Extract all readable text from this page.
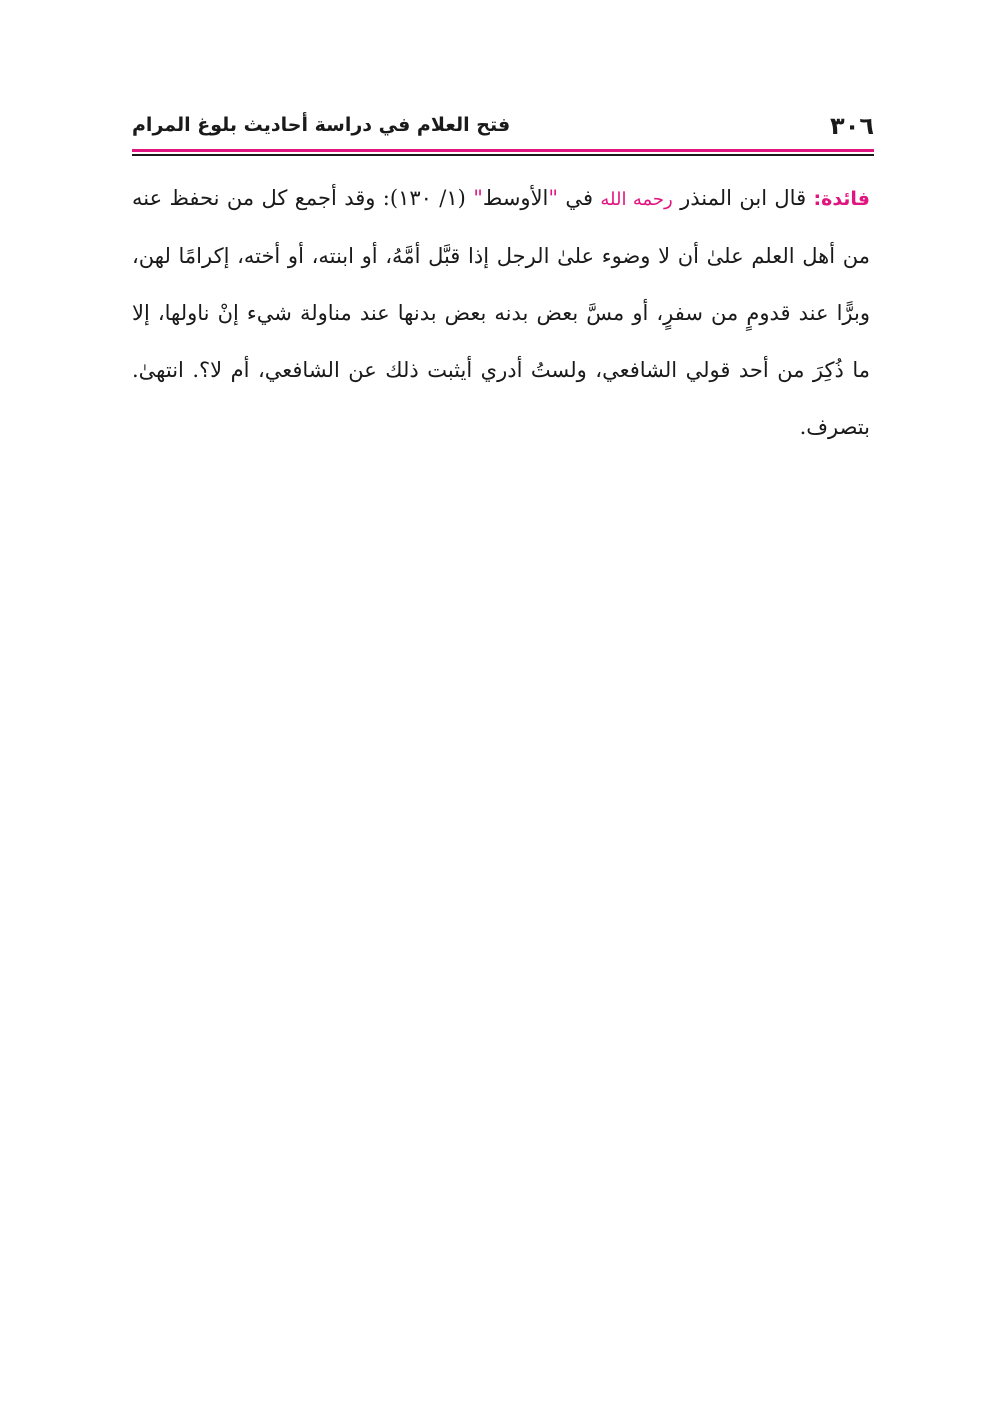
٣٠٦
فتح العلام في دراسة أحاديث بلوغ المرام

فائدة: قال ابن المنذر رحمه الله في "الأوسط" (١/ ١٣٠): وقد أجمع كل من نحفظ عنه من أهل العلم علىٰ أن لا وضوء علىٰ الرجل إذا قبَّل أمَّهُ، أو ابنته، أو أخته، إكرامًا لهن، وبرًّا عند قدومٍ من سفرٍ، أو مسَّ بعض بدنه بعض بدنها عند مناولة شيء إنْ ناولها، إلا ما ذُكِرَ من أحد قولي الشافعي، ولستُ أدري أيثبت ذلك عن الشافعي، أم لا؟. انتهىٰ. بتصرف.
